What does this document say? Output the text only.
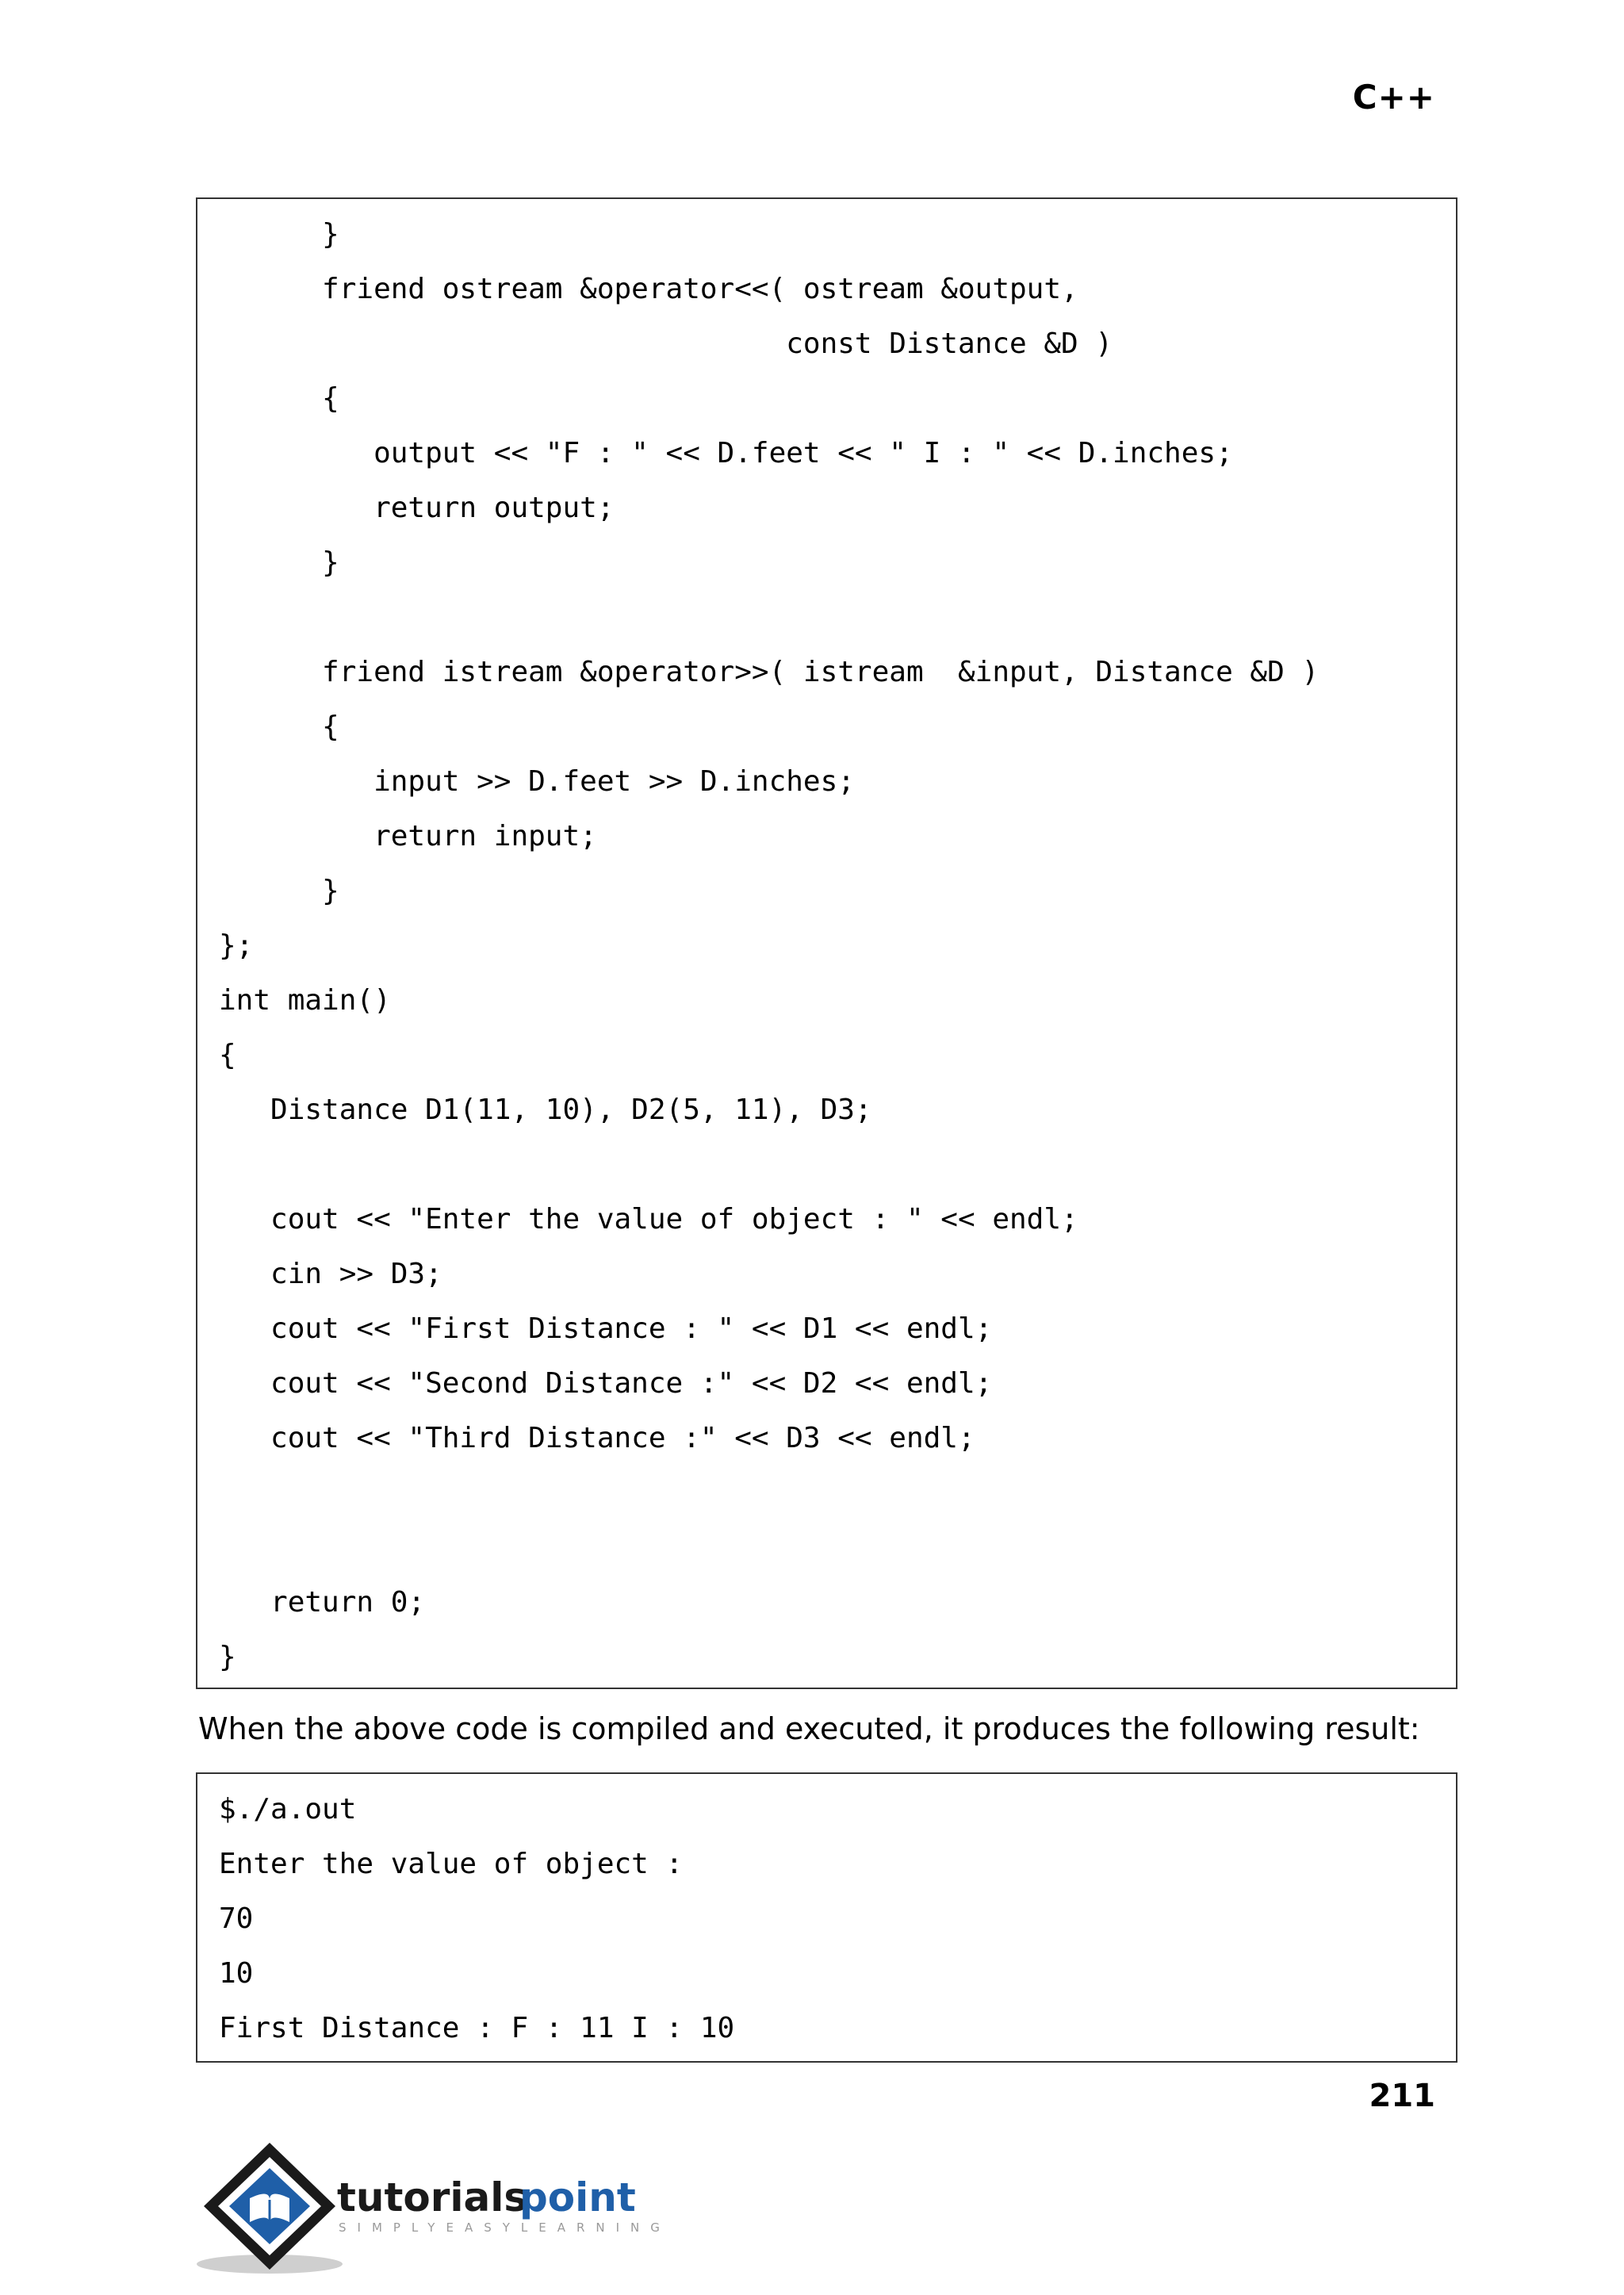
C++
}
friend ostream &operator<<( ostream &output,
const Distance &D )
{
output << "F : " << D.feet << " I : " << D.inches;
return output;
}
friend istream &operator>>( istream  &input, Distance &D )
{
input >> D.feet >> D.inches;
return input;
}
};
int main()
{
Distance D1(11, 10), D2(5, 11), D3;
cout << "Enter the value of object : " << endl;
cin >> D3;
cout << "First Distance : " << D1 << endl;
cout << "Second Distance :" << D2 << endl;
cout << "Third Distance :" << D3 << endl;
return 0;
}
When the above code is compiled and executed, it produces the following result:
$./a.out
Enter the value of object :
70
10
First Distance : F : 11 I : 10
211
tutorials
point
SIMPLYEASYLEARNING
